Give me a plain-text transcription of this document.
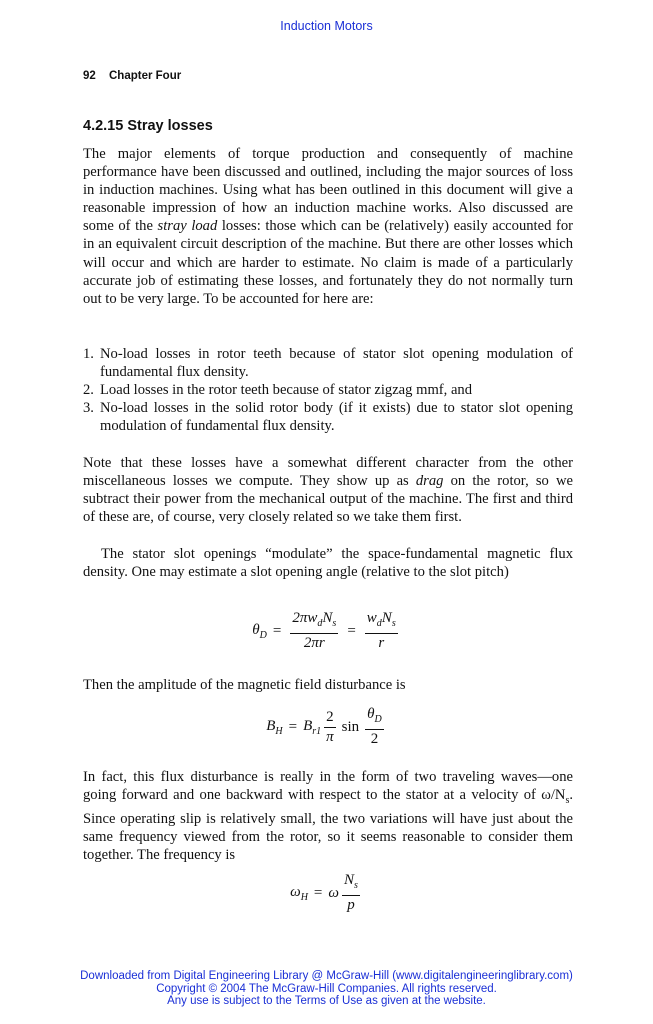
Induction Motors
92 Chapter Four
4.2.15 Stray losses

The major elements of torque production and consequently of machine performance have been discussed and outlined, including the major sources of loss in induction machines. Using what has been outlined in this document will give a reasonable impression of how an induction machine works. Also discussed are some of the stray load losses: those which can be (relatively) easily accounted for in an equivalent circuit description of the machine. But there are other losses which will occur and which are harder to estimate. No claim is made of a particularly accurate job of estimating these losses, and fortunately they do not normally turn out to be very large. To be accounted for here are:

1. No-load losses in rotor teeth because of stator slot opening modulation of fundamental flux density.
2. Load losses in the rotor teeth because of stator zigzag mmf, and
3. No-load losses in the solid rotor body (if it exists) due to stator slot opening modulation of fundamental flux density.

Note that these losses have a somewhat different character from the other miscellaneous losses we compute. They show up as drag on the rotor, so we subtract their power from the mechanical output of the machine. The first and third of these are, of course, very closely related so we take them first.

The stator slot openings “modulate” the space-fundamental magnetic flux density. One may estimate a slot opening angle (relative to the slot pitch)

$\theta_D = \frac{2\pi w_dN_s}{2\pi r} = \frac{w_dN_s}{r}$

Then the amplitude of the magnetic field disturbance is

$B_H = B_{r1} \frac{2}{\pi}$ $\sin \frac{\theta_D}{2}$

In fact, this flux disturbance is really in the form of two traveling waves—one going forward and one backward with respect to the stator at a velocity of $\omega/N_s$. Since operating slip is relatively small, the two variations will have just about the same frequency viewed from the rotor, so it seems reasonable to consider them together. The frequency is

$\omega_H = \omega \frac{N_s}{p}$
Downloaded from Digital Engineering Library @ McGraw-Hill (www.digitalengineeringlibrary.com)
Copyright © 2004 The McGraw-Hill Companies. All rights reserved.
Any use is subject to the Terms of Use as given at the website.
